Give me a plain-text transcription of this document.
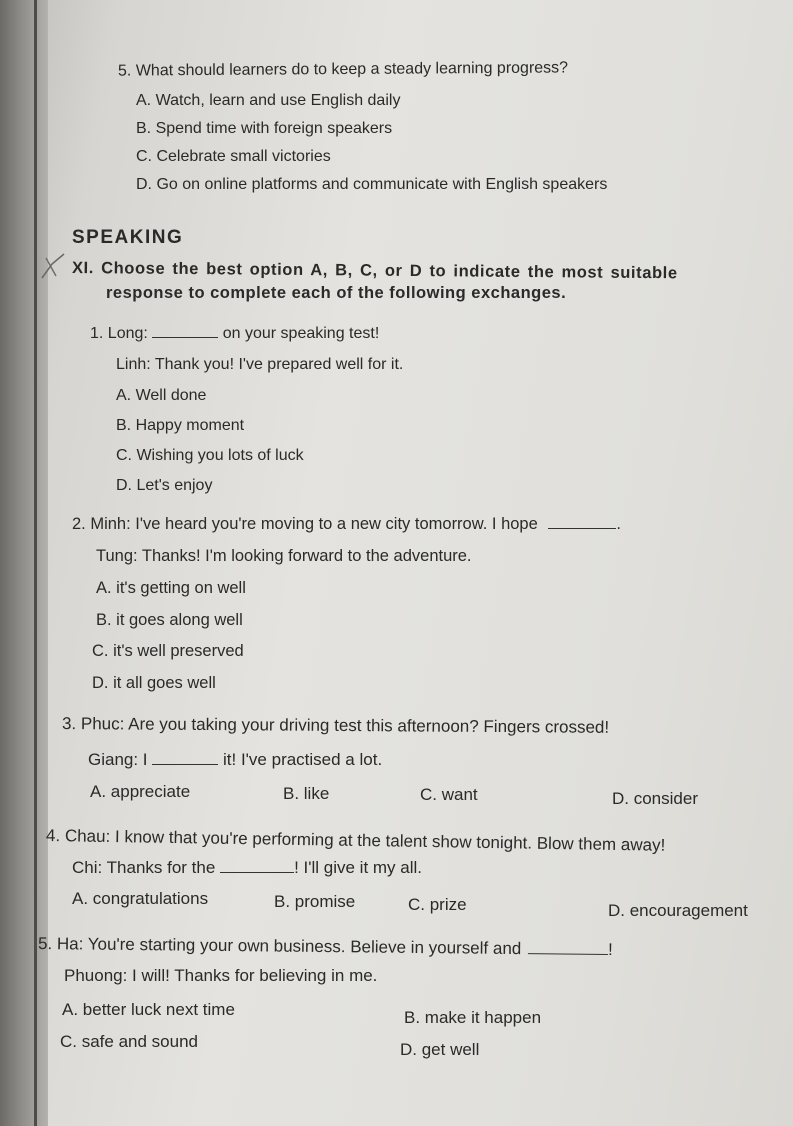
5. What should learners do to keep a steady learning progress?
A. Watch, learn and use English daily
B. Spend time with foreign speakers
C. Celebrate small victories
D. Go on online platforms and communicate with English speakers
SPEAKING
XI. Choose the best option A, B, C, or D to indicate the most suitable
response to complete each of the following exchanges.
1. Long:	on your speaking test!
Linh: Thank you! I've prepared well for it.
A. Well done
B. Happy moment
C. Wishing you lots of luck
D. Let's enjoy
2. Minh: I've heard you're moving to a new city tomorrow. I hope	.
Tung: Thanks! I'm looking forward to the adventure.
A. it's getting on well
B. it goes along well
C. it's well preserved
D. it all goes well
3. Phuc: Are you taking your driving test this afternoon? Fingers crossed!
Giang: I	it! I've practised a lot.
A. appreciate	B. like	C. want	D. consider
4. Chau: I know that you're performing at the talent show tonight. Blow them away!
Chi: Thanks for the	! I'll give it my all.
A. congratulations	B. promise	C. prize	D. encouragement
5. Ha: You're starting your own business. Believe in yourself and	!
Phuong: I will! Thanks for believing in me.
A. better luck next time	B. make it happen
C. safe and sound	D. get well
